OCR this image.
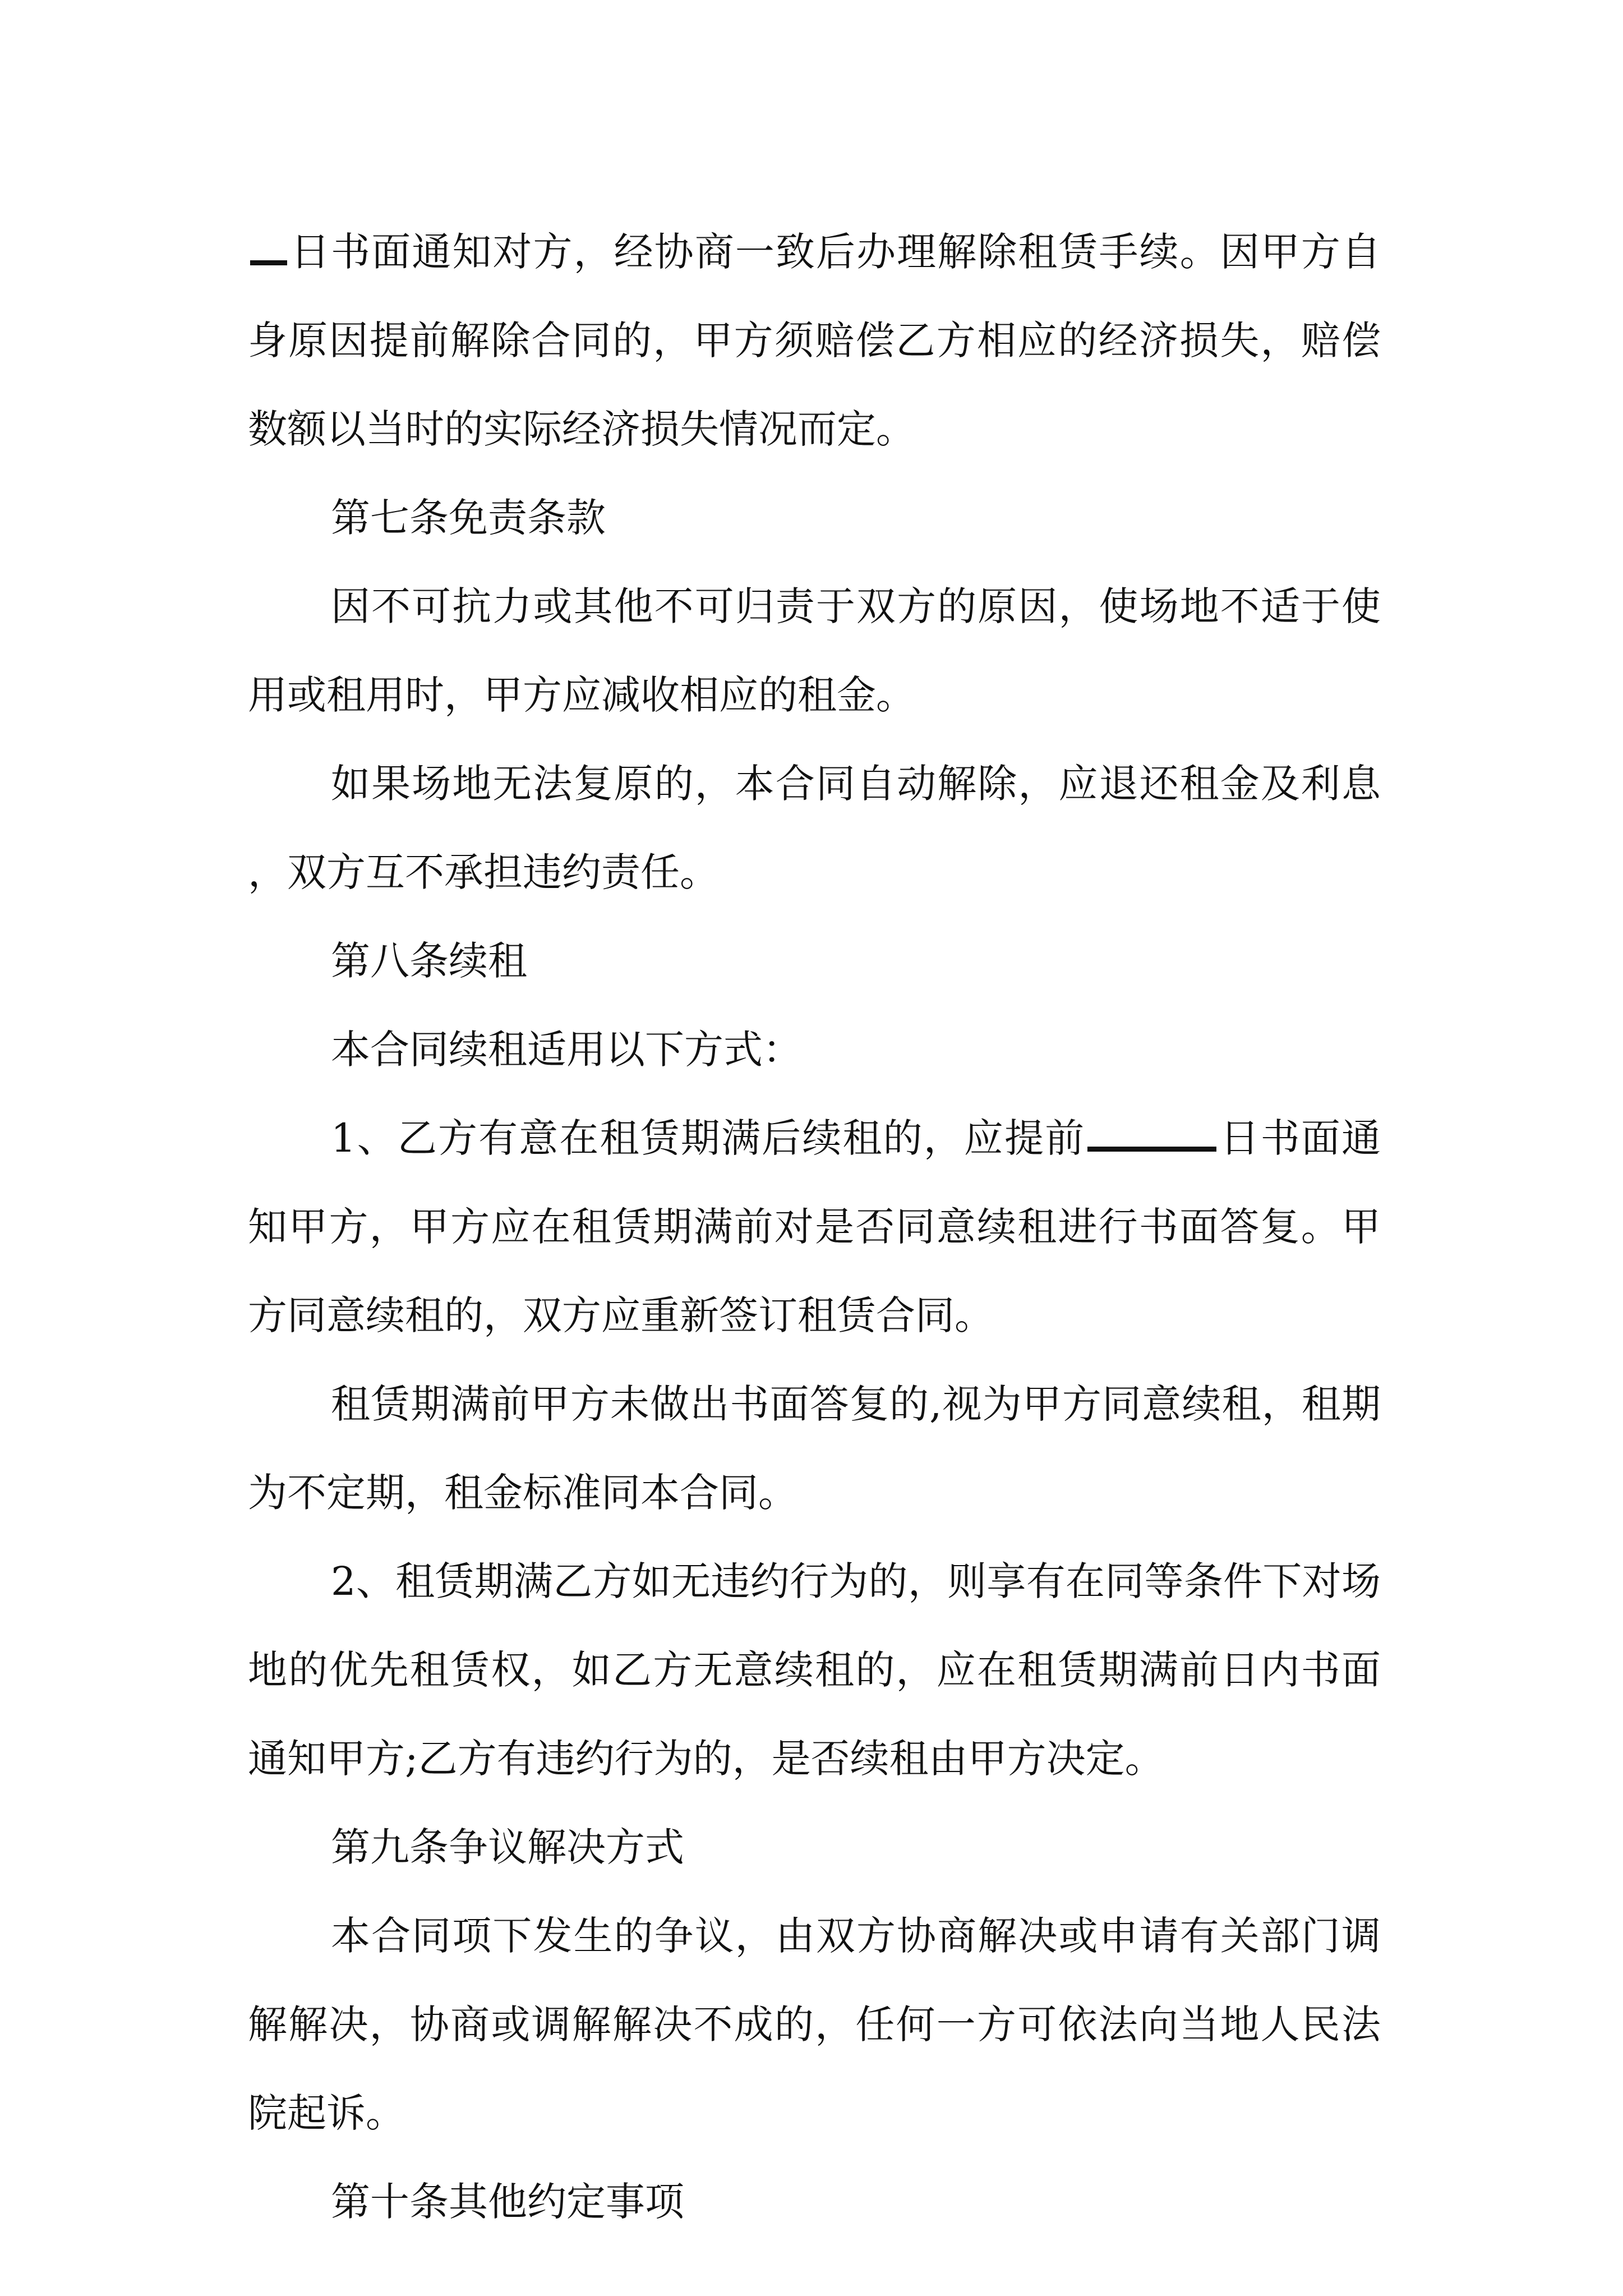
日书面通知对方，经协商一致后办理解除租赁手续。因甲方自身原因提前解除合同的，甲方须赔偿乙方相应的经济损失，赔偿数额以当时的实际经济损失情况而定。

第七条免责条款

因不可抗力或其他不可归责于双方的原因，使场地不适于使用或租用时，甲方应减收相应的租金。

如果场地无法复原的，本合同自动解除，应退还租金及利息，双方互不承担违约责任。

第八条续租

本合同续租适用以下方式：

1、乙方有意在租赁期满后续租的，应提前	日书面通知甲方，甲方应在租赁期满前对是否同意续租进行书面答复。甲方同意续租的，双方应重新签订租赁合同。

租赁期满前甲方未做出书面答复的,视为甲方同意续租，租期为不定期，租金标准同本合同。

2、租赁期满乙方如无违约行为的，则享有在同等条件下对场地的优先租赁权，如乙方无意续租的，应在租赁期满前日内书面通知甲方;乙方有违约行为的，是否续租由甲方决定。

第九条争议解决方式

本合同项下发生的争议，由双方协商解决或申请有关部门调解解决，协商或调解解决不成的，任何一方可依法向当地人民法院起诉。

第十条其他约定事项
